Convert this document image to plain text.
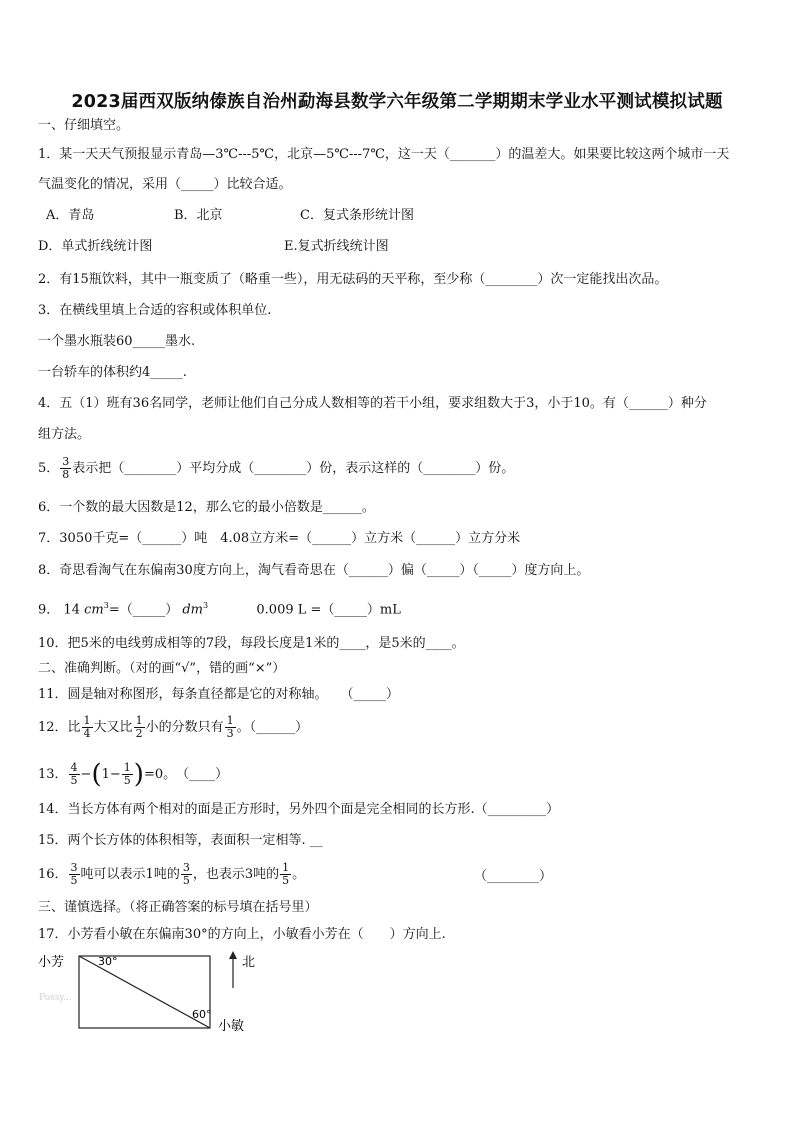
2023届西双版纳傣族自治州勐海县数学六年级第二学期期末学业水平测试模拟试题
一、仔细填空。
1．某一天天气预报显示青岛—3℃---5℃，北京—5℃---7℃，这一天（_______）的温差大。如果要比较这两个城市一天
气温变化的情况，采用（_____）比较合适。
A．青岛	B．北京	C．复式条形统计图
D．单式折线统计图	E.复式折线统计图
2．有15瓶饮料，其中一瓶变质了（略重一些），用无砝码的天平称，至少称（________）次一定能找出次品。
3．在横线里填上合适的容积或体积单位.
一个墨水瓶装60_____墨水.
一台轿车的体积约4_____.
4．五（1）班有36名同学，老师让他们自己分成人数相等的若干小组，要求组数大于3，小于10。有（______）种分
组方法。
5． $\frac{3}{8}$ 表示把（________）平均分成（________）份，表示这样的（________）份。
6．一个数的最大因数是12，那么它的最小倍数是______。
7．3050千克=（______）吨　4.08立方米=（______）立方米（______）立方分米
8．奇思看淘气在东偏南30度方向上，淘气看奇思在（______）偏（_____）（_____）度方向上。
9． 14 $cm^3=(\_\_\_\_\_)$ $dm^3$	0.009 L =（_____）mL
10．把5米的电线剪成相等的7段，每段长度是1米的____，是5米的____。
二、准确判断。（对的画“√”，错的画“×”）
11．圆是轴对称图形，每条直径都是它的对称轴。　　（_____）
12．比 $\frac{1}{4}$ 大又比 $\frac{1}{2}$ 小的分数只有 $\frac{1}{3}$ 。（______）
13． $\frac{4}{5} -(1- \frac{1}{5} )=0$。　（____）
14．当长方体有两个相对的面是正方形时，另外四个面是完全相同的长方形.（_________）
15．两个长方体的体积相等，表面积一定相等. __
16． $\frac{3}{5}$ 吨可以表示1吨的 $\frac{3}{5}$ ，也表示3吨的 $\frac{1}{5}$ 。	（________）
三、谨慎选择。（将正确答案的标号填在括号里）
17．小芳看小敏在东偏南30°的方向上，小敏看小芳在（　　）方向上.
小芳	30°
60°
小敏
北
Possy...
